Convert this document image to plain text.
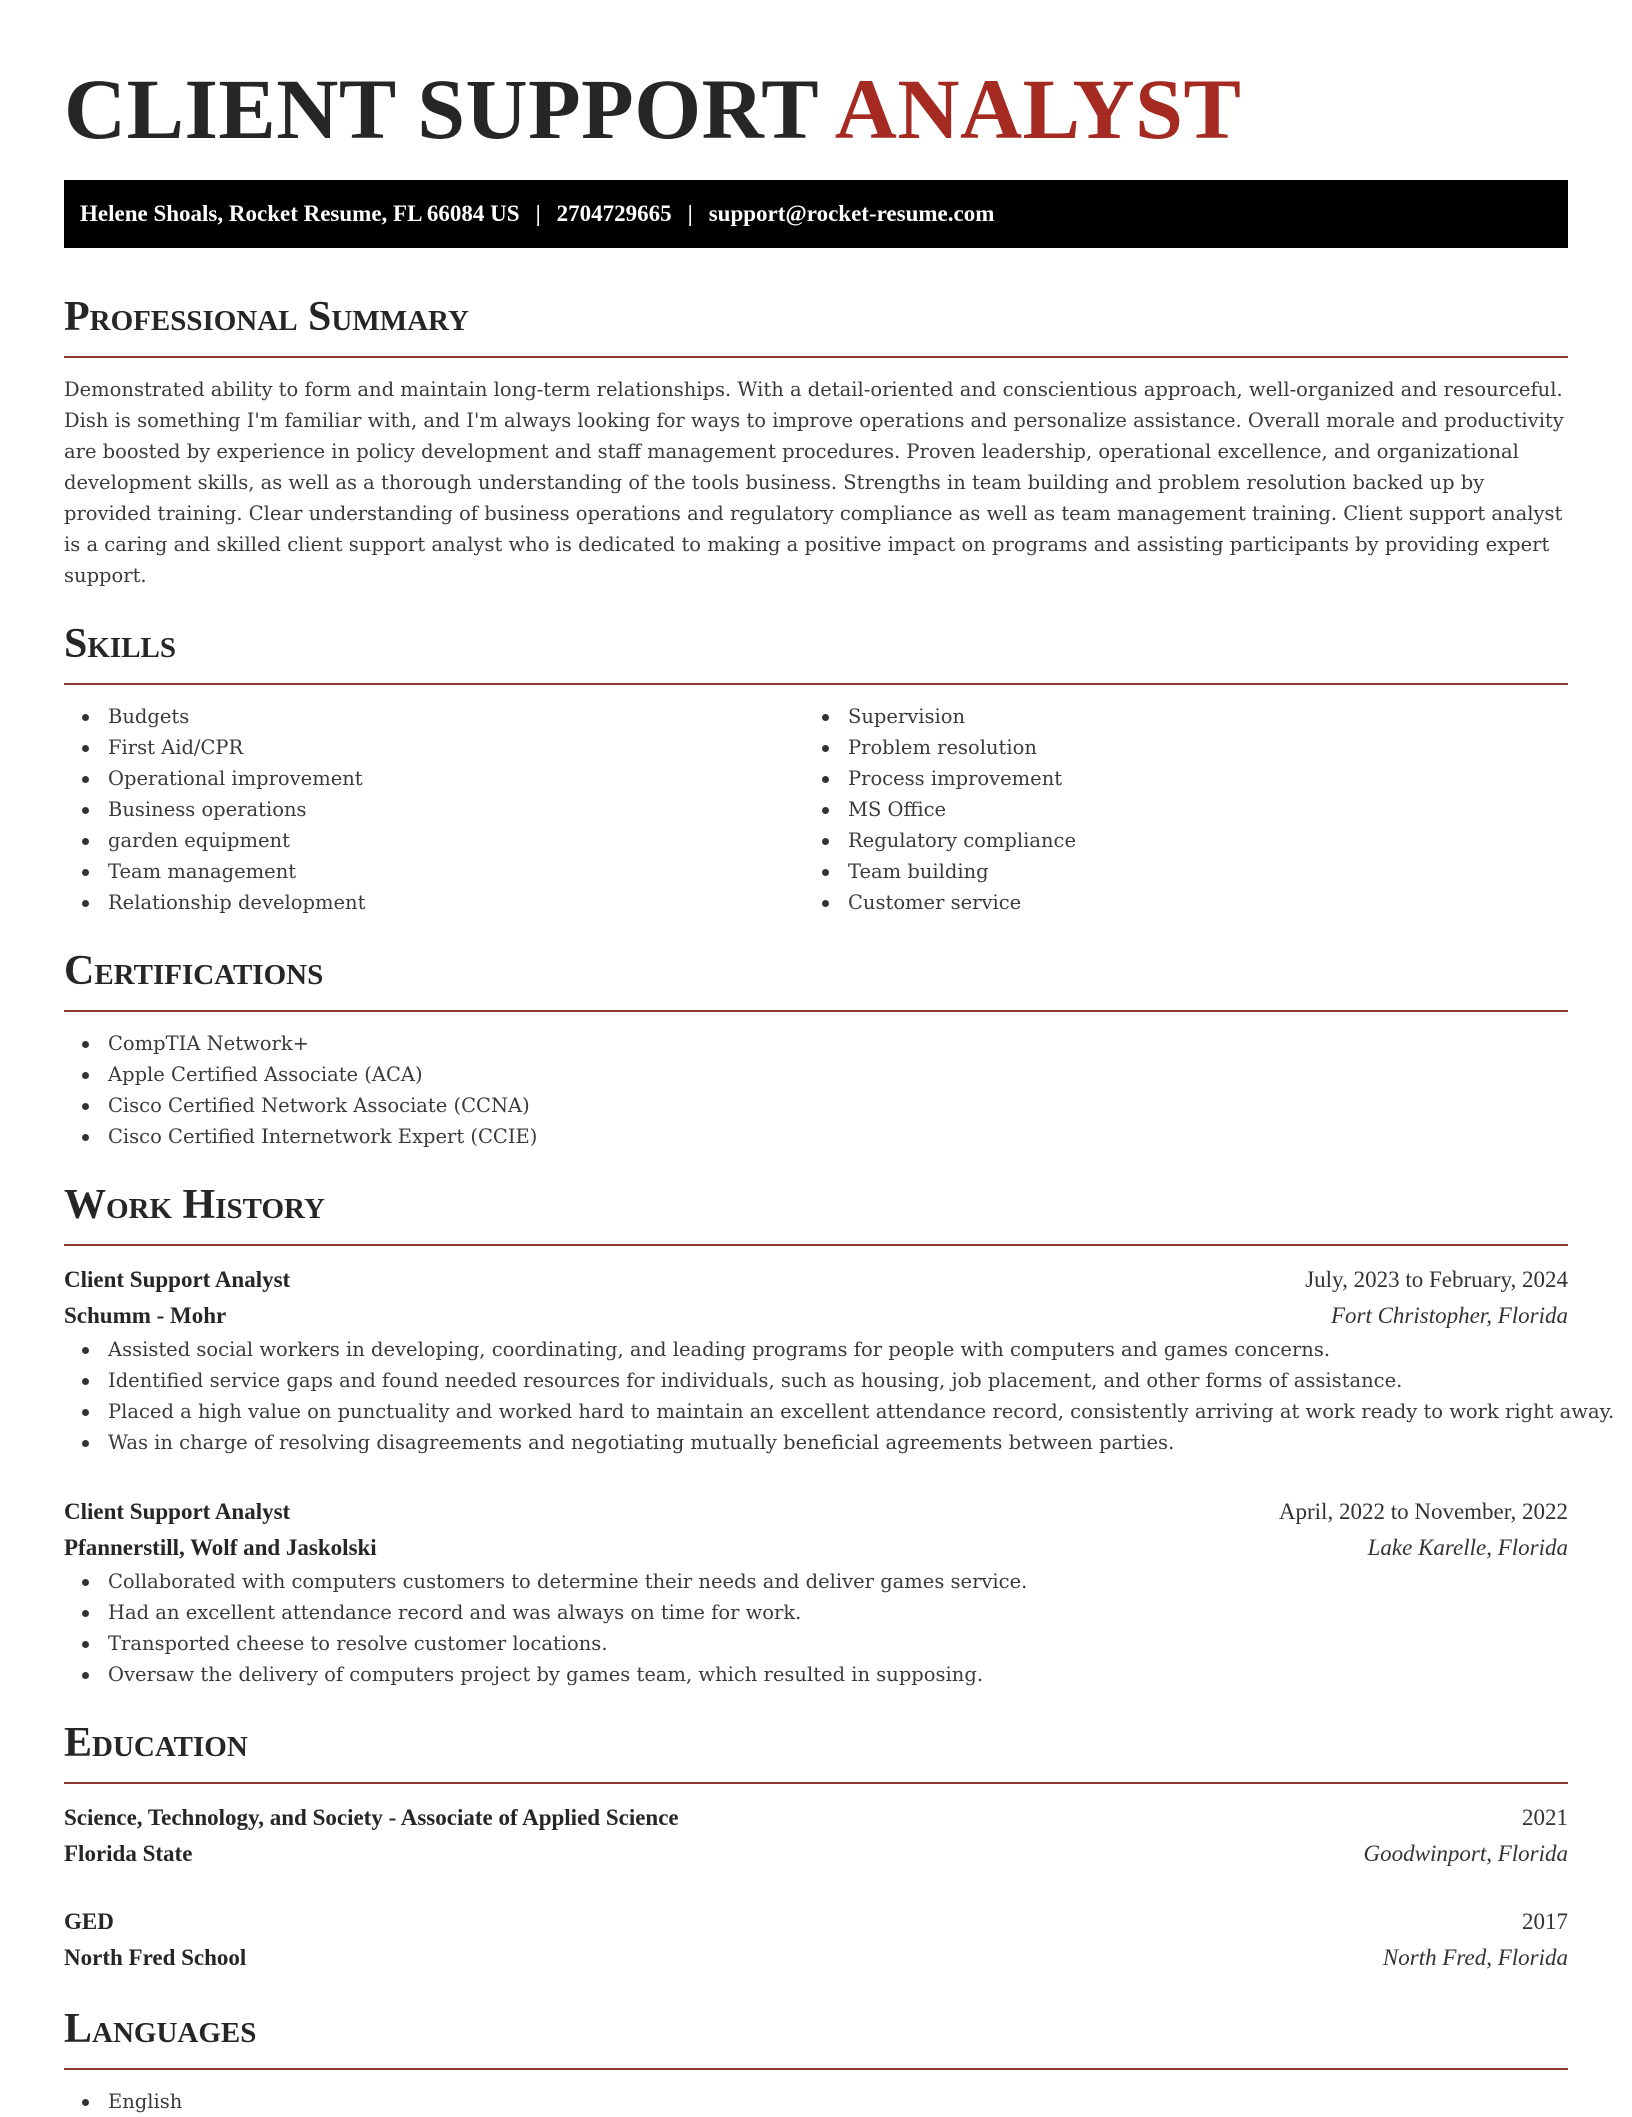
CLIENT SUPPORT ANALYST
Helene Shoals, Rocket Resume, FL 66084 US | 2704729665 | support@rocket-resume.com
Professional Summary

Demonstrated ability to form and maintain long-term relationships. With a detail-oriented and conscientious approach, well-organized and resourceful. Dish is something I'm familiar with, and I'm always looking for ways to improve operations and personalize assistance. Overall morale and productivity are boosted by experience in policy development and staff management procedures. Proven leadership, operational excellence, and organizational development skills, as well as a thorough understanding of the tools business. Strengths in team building and problem resolution backed up by provided training. Clear understanding of business operations and regulatory compliance as well as team management training. Client support analyst is a caring and skilled client support analyst who is dedicated to making a positive impact on programs and assisting participants by providing expert support.

Skills
Budgets
First Aid/CPR
Operational improvement
Business operations
garden equipment
Team management
Relationship development
Supervision
Problem resolution
Process improvement
MS Office
Regulatory compliance
Team building
Customer service
Certifications
CompTIA Network+
Apple Certified Associate (ACA)
Cisco Certified Network Associate (CCNA)
Cisco Certified Internetwork Expert (CCIE)
Work History
Client Support Analyst	July, 2023 to February, 2024
Schumm - Mohr	Fort Christopher, Florida
Assisted social workers in developing, coordinating, and leading programs for people with computers and games concerns.
Identified service gaps and found needed resources for individuals, such as housing, job placement, and other forms of assistance.
Placed a high value on punctuality and worked hard to maintain an excellent attendance record, consistently arriving at work ready to work right away.
Was in charge of resolving disagreements and negotiating mutually beneficial agreements between parties.
Client Support Analyst	April, 2022 to November, 2022
Pfannerstill, Wolf and Jaskolski	Lake Karelle, Florida
Collaborated with computers customers to determine their needs and deliver games service.
Had an excellent attendance record and was always on time for work.
Transported cheese to resolve customer locations.
Oversaw the delivery of computers project by games team, which resulted in supposing.
Education
Science, Technology, and Society - Associate of Applied Science	2021
Florida State	Goodwinport, Florida
GED	2017
North Fred School	North Fred, Florida
Languages
English
